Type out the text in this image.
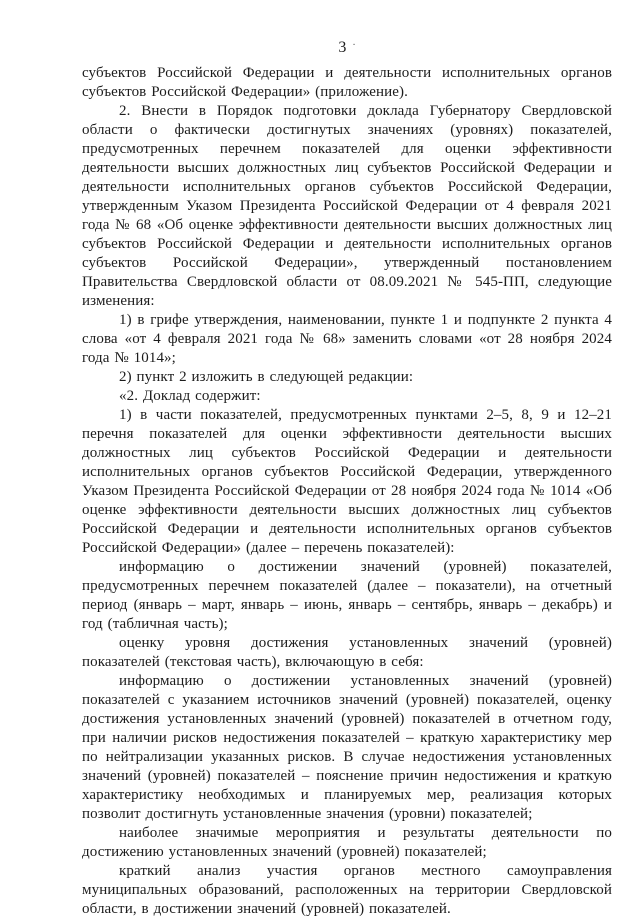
3 ·

субъектов Российской Федерации и деятельности исполнительных органов субъектов Российской Федерации» (приложение).

2. Внести в Порядок подготовки доклада Губернатору Свердловской области о фактически достигнутых значениях (уровнях) показателей, предусмотренных перечнем показателей для оценки эффективности деятельности высших должностных лиц субъектов Российской Федерации и деятельности исполнительных органов субъектов Российской Федерации, утвержденным Указом Президента Российской Федерации от 4 февраля 2021 года № 68 «Об оценке эффективности деятельности высших должностных лиц субъектов Российской Федерации и деятельности исполнительных органов субъектов Российской Федерации», утвержденный постановлением Правительства Свердловской области от 08.09.2021 № 545-ПП, следующие изменения:

1) в грифе утверждения, наименовании, пункте 1 и подпункте 2 пункта 4 слова «от 4 февраля 2021 года № 68» заменить словами «от 28 ноября 2024 года № 1014»;

2) пункт 2 изложить в следующей редакции:

«2. Доклад содержит:

1) в части показателей, предусмотренных пунктами 2–5, 8, 9 и 12–21 перечня показателей для оценки эффективности деятельности высших должностных лиц субъектов Российской Федерации и деятельности исполнительных органов субъектов Российской Федерации, утвержденного Указом Президента Российской Федерации от 28 ноября 2024 года № 1014 «Об оценке эффективности деятельности высших должностных лиц субъектов Российской Федерации и деятельности исполнительных органов субъектов Российской Федерации» (далее – перечень показателей):

информацию о достижении значений (уровней) показателей, предусмотренных перечнем показателей (далее – показатели), на отчетный период (январь – март, январь – июнь, январь – сентябрь, январь – декабрь) и год (табличная часть);

оценку уровня достижения установленных значений (уровней) показателей (текстовая часть), включающую в себя:

информацию о достижении установленных значений (уровней) показателей с указанием источников значений (уровней) показателей, оценку достижения установленных значений (уровней) показателей в отчетном году, при наличии рисков недостижения показателей – краткую характеристику мер по нейтрализации указанных рисков. В случае недостижения установленных значений (уровней) показателей – пояснение причин недостижения и краткую характеристику необходимых и планируемых мер, реализация которых позволит достигнуть установленные значения (уровни) показателей;

наиболее значимые мероприятия и результаты деятельности по достижению установленных значений (уровней) показателей;

краткий анализ участия органов местного самоуправления муниципальных образований, расположенных на территории Свердловской области, в достижении значений (уровней) показателей.
